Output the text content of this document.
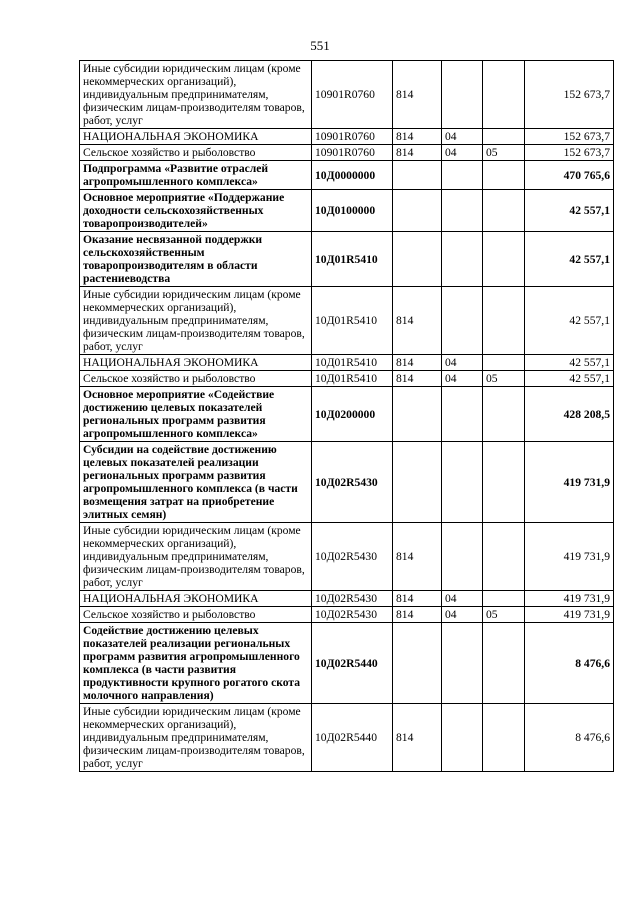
551
Иные субсидии юридическим лицам (кроме некоммерческих организаций), индивидуальным предпринимателям, физическим лицам-производителям товаров, работ, услуг	10901R0760	814			152 673,7
НАЦИОНАЛЬНАЯ ЭКОНОМИКА	10901R0760	814	04		152 673,7
Сельское хозяйство и рыболовство	10901R0760	814	04	05	152 673,7
Подпрограмма «Развитие отраслей агропромышленного комплекса»	10Д0000000				470 765,6
Основное мероприятие «Поддержание доходности сельскохозяйственных товаропроизводителей»	10Д0100000				42 557,1
Оказание несвязанной поддержки сельскохозяйственным товаропроизводителям в области растениеводства	10Д01R5410				42 557,1
Иные субсидии юридическим лицам (кроме некоммерческих организаций), индивидуальным предпринимателям, физическим лицам-производителям товаров, работ, услуг	10Д01R5410	814			42 557,1
НАЦИОНАЛЬНАЯ ЭКОНОМИКА	10Д01R5410	814	04		42 557,1
Сельское хозяйство и рыболовство	10Д01R5410	814	04	05	42 557,1
Основное мероприятие «Содействие достижению целевых показателей региональных программ развития агропромышленного комплекса»	10Д0200000				428 208,5
Субсидии на содействие достижению целевых показателей реализации региональных программ развития агропромышленного комплекса (в части возмещения затрат на приобретение элитных семян)	10Д02R5430				419 731,9
Иные субсидии юридическим лицам (кроме некоммерческих организаций), индивидуальным предпринимателям, физическим лицам-производителям товаров, работ, услуг	10Д02R5430	814			419 731,9
НАЦИОНАЛЬНАЯ ЭКОНОМИКА	10Д02R5430	814	04		419 731,9
Сельское хозяйство и рыболовство	10Д02R5430	814	04	05	419 731,9
Содействие достижению целевых показателей реализации региональных программ развития агропромышленного комплекса (в части развития продуктивности крупного рогатого скота молочного направления)	10Д02R5440				8 476,6
Иные субсидии юридическим лицам (кроме некоммерческих организаций), индивидуальным предпринимателям, физическим лицам-производителям товаров, работ, услуг	10Д02R5440	814			8 476,6
